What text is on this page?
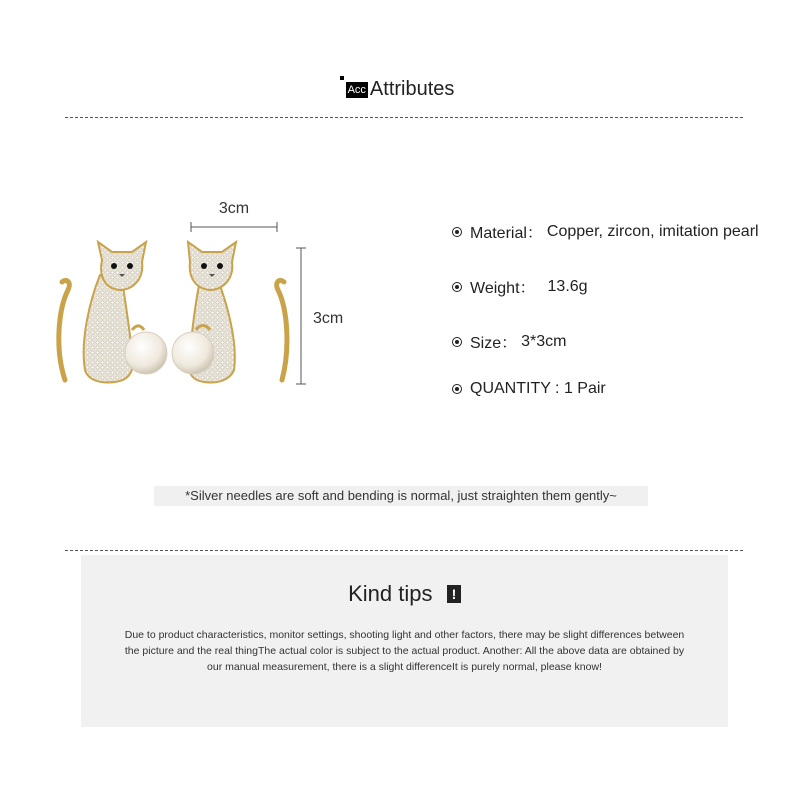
Acc Attributes
3cm
3cm
Material： Copper, zircon, imitation pearl
Weight： 13.6g
Size： 3*3cm
QUANTITY : 1 Pair
*Silver needles are soft and bending is normal, just straighten them gently~
Kind tips !
Due to product characteristics, monitor settings, shooting light and other factors, there may be slight differences between the picture and the real thingThe actual color is subject to the actual product. Another: All the above data are obtained by our manual measurement, there is a slight differenceIt is purely normal, please know!
